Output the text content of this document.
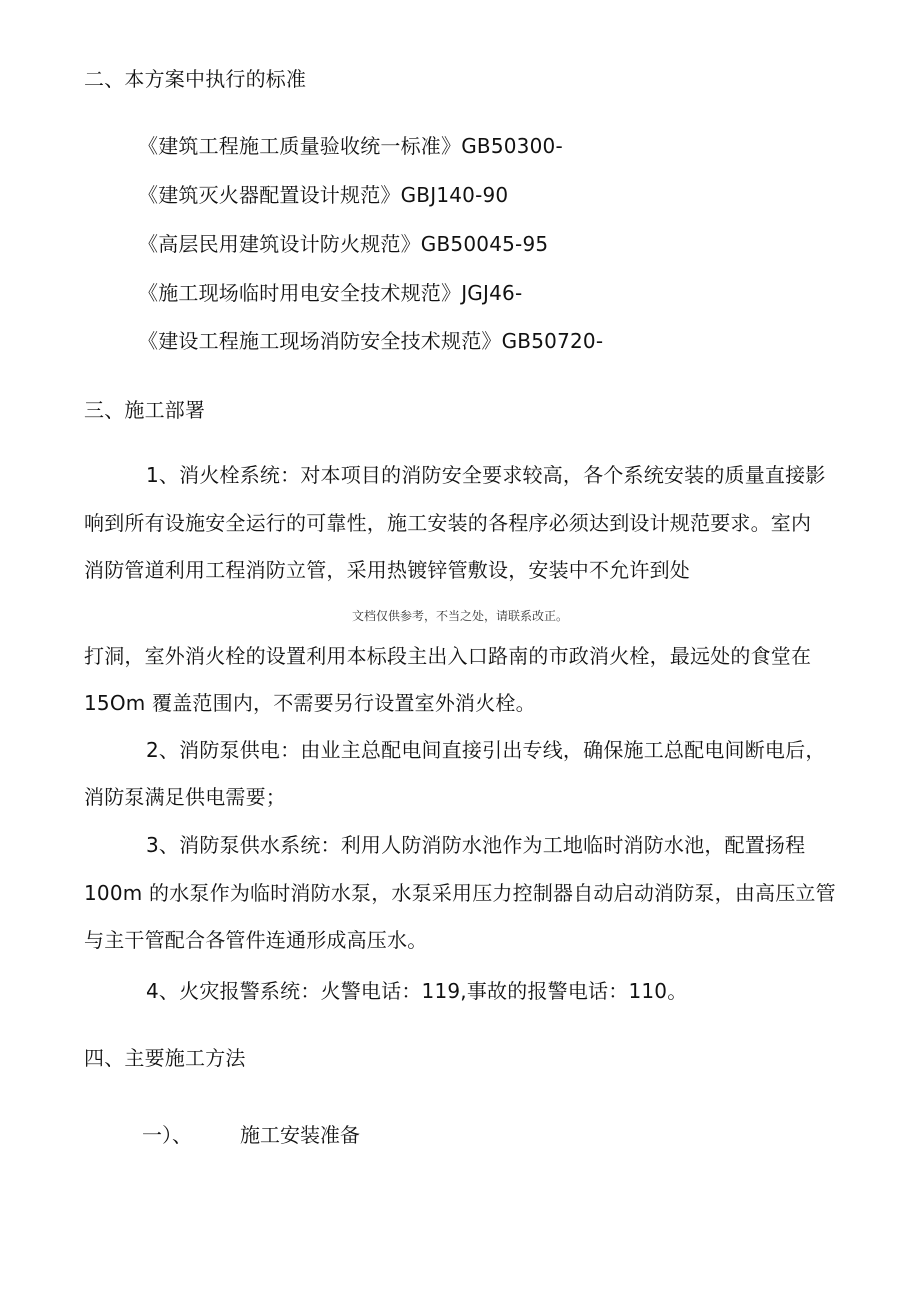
二、本方案中执行的标准
《建筑工程施工质量验收统一标准》GB50300-
《建筑灭火器配置设计规范》GBJ140-90
《高层民用建筑设计防火规范》GB50045-95
《施工现场临时用电安全技术规范》JGJ46-
《建设工程施工现场消防安全技术规范》GB50720-
三、施工部署
1、消火栓系统：对本项目的消防安全要求较高，各个系统安装的质量直接影
响到所有设施安全运行的可靠性，施工安装的各程序必须达到设计规范要求。室内
消防管道利用工程消防立管，采用热镀锌管敷设，安装中不允许到处
文档仅供参考，不当之处，请联系改正。
打洞，室外消火栓的设置利用本标段主出入口路南的市政消火栓，最远处的食堂在
15Om 覆盖范围内，不需要另行设置室外消火栓。
2、消防泵供电：由业主总配电间直接引出专线，确保施工总配电间断电后，
消防泵满足供电需要；
3、消防泵供水系统：利用人防消防水池作为工地临时消防水池，配置扬程
100m 的水泵作为临时消防水泵，水泵采用压力控制器自动启动消防泵，由高压立管
与主干管配合各管件连通形成高压水。
4、火灾报警系统：火警电话：119,事故的报警电话：110。
四、主要施工方法
一）、 施工安装准备
